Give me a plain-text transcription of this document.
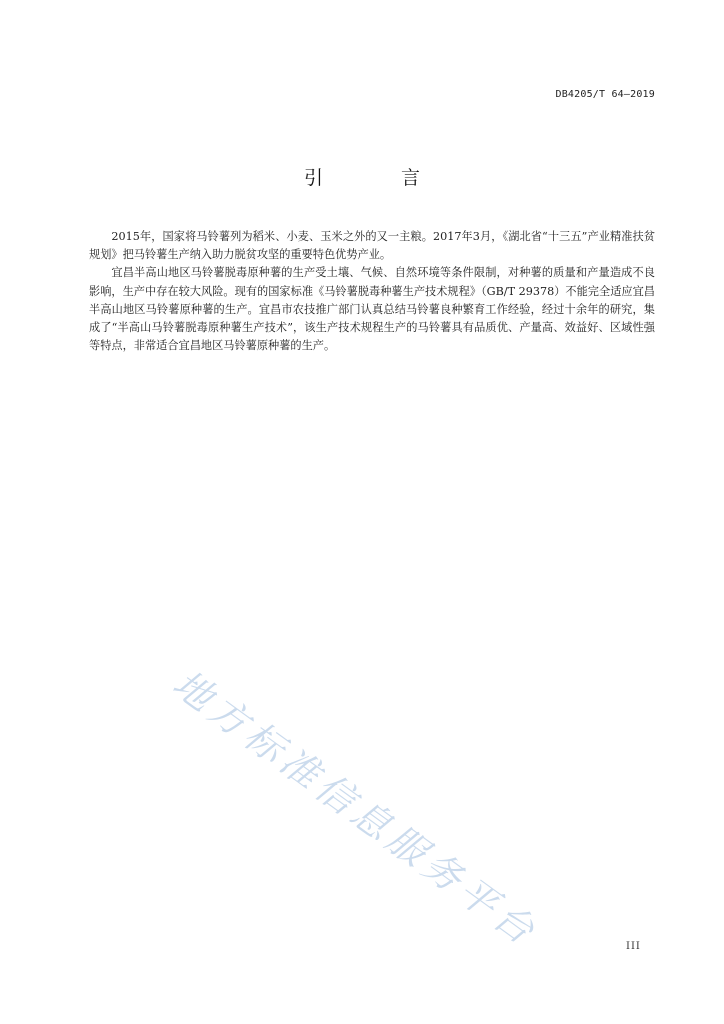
DB4205/T 64—2019
引 言

2015年，国家将马铃薯列为稻米、小麦、玉米之外的又一主粮。2017年3月，《湖北省“十三五”产业精准扶贫规划》把马铃薯生产纳入助力脱贫攻坚的重要特色优势产业。

宜昌半高山地区马铃薯脱毒原种薯的生产受土壤、气候、自然环境等条件限制，对种薯的质量和产量造成不良影响，生产中存在较大风险。现有的国家标准《马铃薯脱毒种薯生产技术规程》（GB/T 29378）不能完全适应宜昌半高山地区马铃薯原种薯的生产。宜昌市农技推广部门认真总结马铃薯良种繁育工作经验，经过十余年的研究，集成了“半高山马铃薯脱毒原种薯生产技术”，该生产技术规程生产的马铃薯具有品质优、产量高、效益好、区域性强等特点，非常适合宜昌地区马铃薯原种薯的生产。

地方标准信息服务平台	III
